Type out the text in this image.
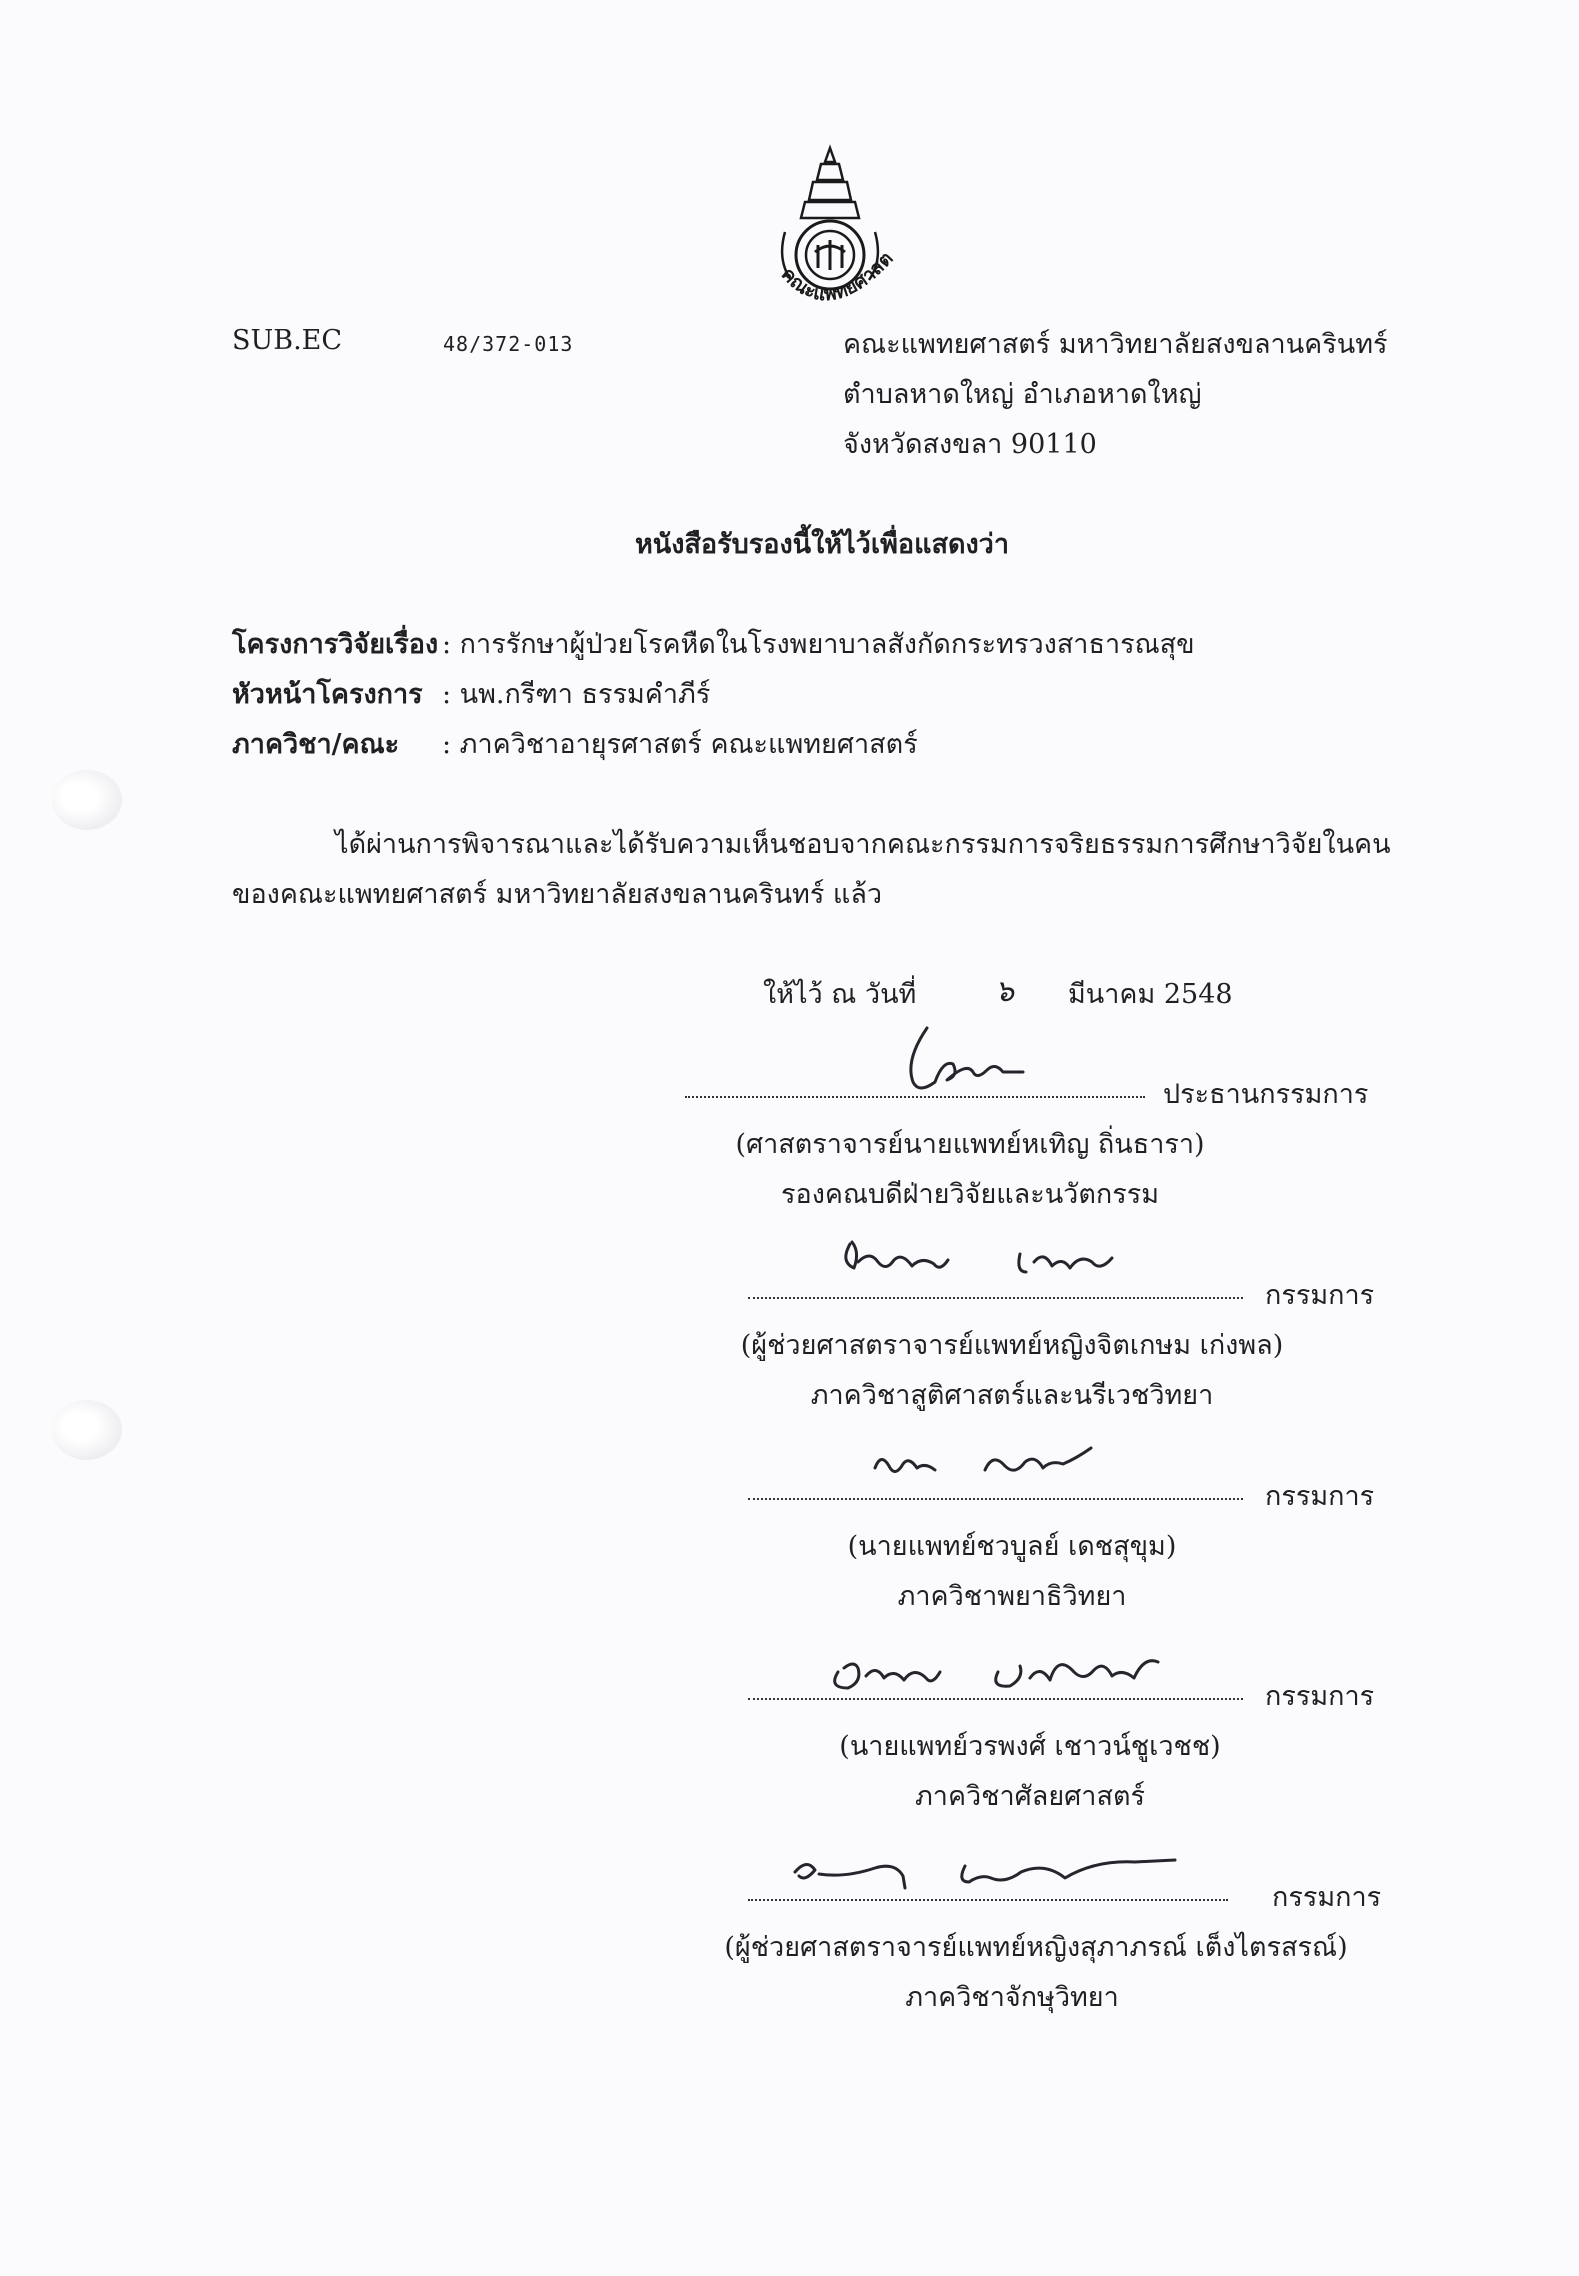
คณะแพทยศาสต
SUB.EC	48/372-013	คณะแพทยศาสตร์ มหาวิทยาลัยสงขลานครินทร์
ตำบลหาดใหญ่ อำเภอหาดใหญ่
จังหวัดสงขลา 90110
หนังสือรับรองนี้ให้ไว้เพื่อแสดงว่า
โครงการวิจัยเรื่อง : การรักษาผู้ป่วยโรคหืดในโรงพยาบาลสังกัดกระทรวงสาธารณสุข
หัวหน้าโครงการ : นพ.กรีฑา ธรรมคำภีร์
ภาควิชา/คณะ : ภาควิชาอายุรศาสตร์ คณะแพทยศาสตร์
ได้ผ่านการพิจารณาและได้รับความเห็นชอบจากคณะกรรมการจริยธรรมการศึกษาวิจัยในคน
ของคณะแพทยศาสตร์ มหาวิทยาลัยสงขลานครินทร์ แล้ว
ให้ไว้ ณ วันที่	๖ มีนาคม 2548
ประธานกรรมการ
(ศาสตราจารย์นายแพทย์หเทิญ ถิ่นธารา)
รองคณบดีฝ่ายวิจัยและนวัตกรรม
กรรมการ
(ผู้ช่วยศาสตราจารย์แพทย์หญิงจิตเกษม เก่งพล)
ภาควิชาสูติศาสตร์และนรีเวชวิทยา
กรรมการ
(นายแพทย์ชวบูลย์ เดชสุขุม)
ภาควิชาพยาธิวิทยา
กรรมการ
(นายแพทย์วรพงศ์ เชาวน์ชูเวชช)
ภาควิชาศัลยศาสตร์
กรรมการ
(ผู้ช่วยศาสตราจารย์แพทย์หญิงสุภาภรณ์ เต็งไตรสรณ์)
ภาควิชาจักษุวิทยา
